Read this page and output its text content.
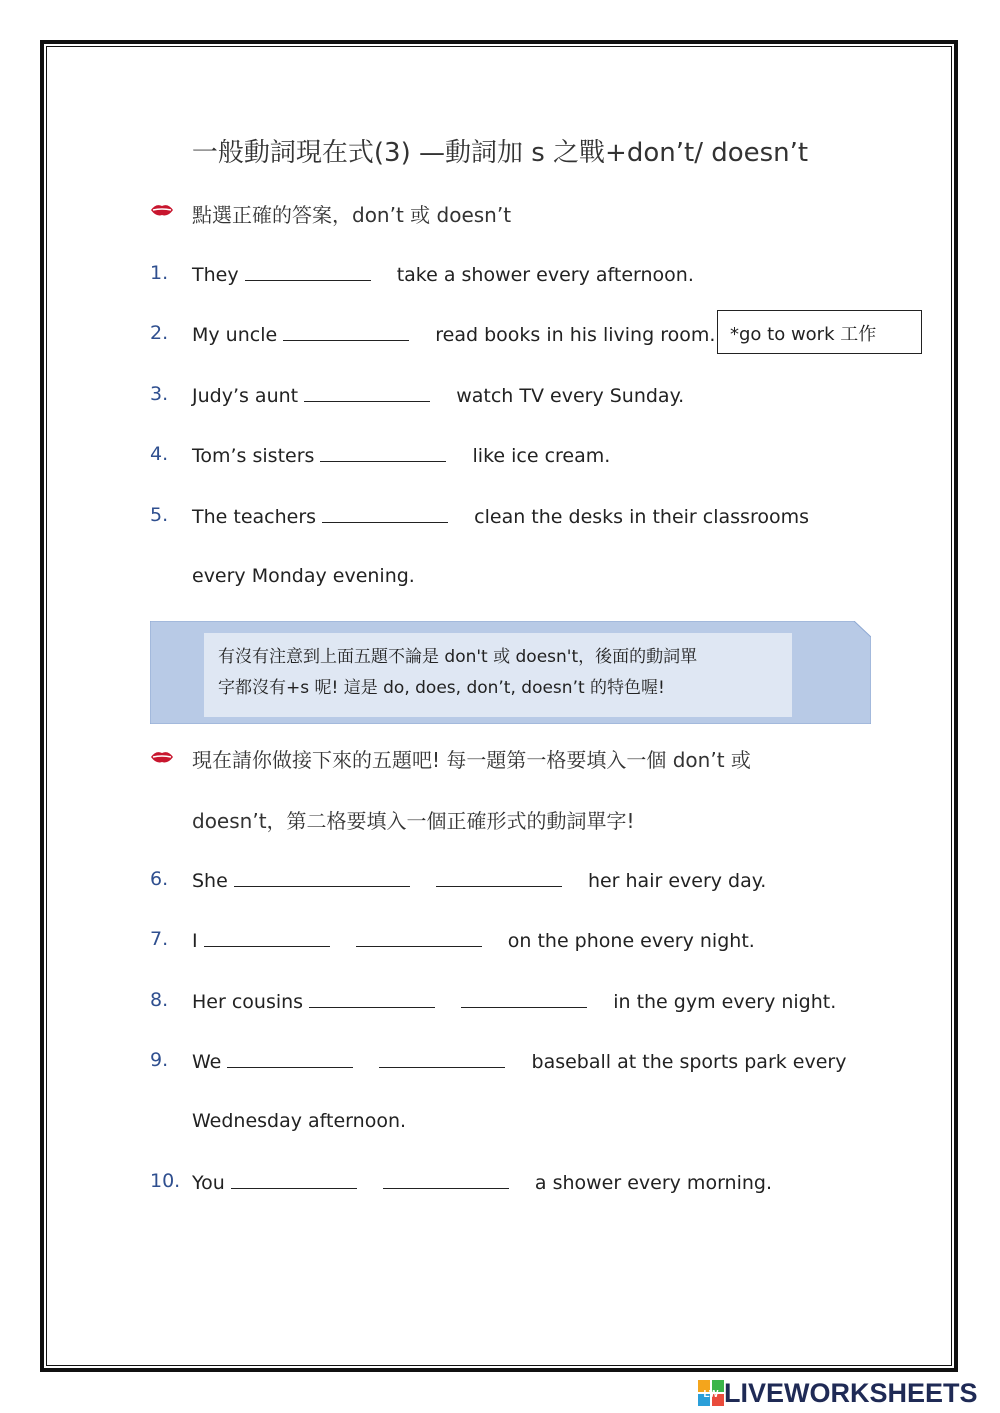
一般動詞現在式(3) —動詞加 s 之戰+don’t/ doesn’t
點選正確的答案，don’t 或 doesn’t
1. They	take a shower every afternoon.
2. My uncle	read books in his living room. *go to work 工作
3. Judy’s aunt	watch TV every Sunday.
4. Tom’s sisters	like ice cream.
5. The teachers	clean the desks in their classrooms
every Monday evening.
有沒有注意到上面五題不論是 don't 或 doesn't，後面的動詞單
字都沒有+s 呢! 這是 do, does, don’t, doesn’t 的特色喔!
現在請你做接下來的五題吧! 每一題第一格要填入一個 don’t 或
doesn’t，第二格要填入一個正確形式的動詞單字!
6. She	her hair every day.
7. I	on the phone every night.
8. Her cousins	in the gym every night.
9. We	baseball at the sports park every
Wednesday afternoon.
10. You	a shower every morning.
LW LIVEWORKSHEETS
